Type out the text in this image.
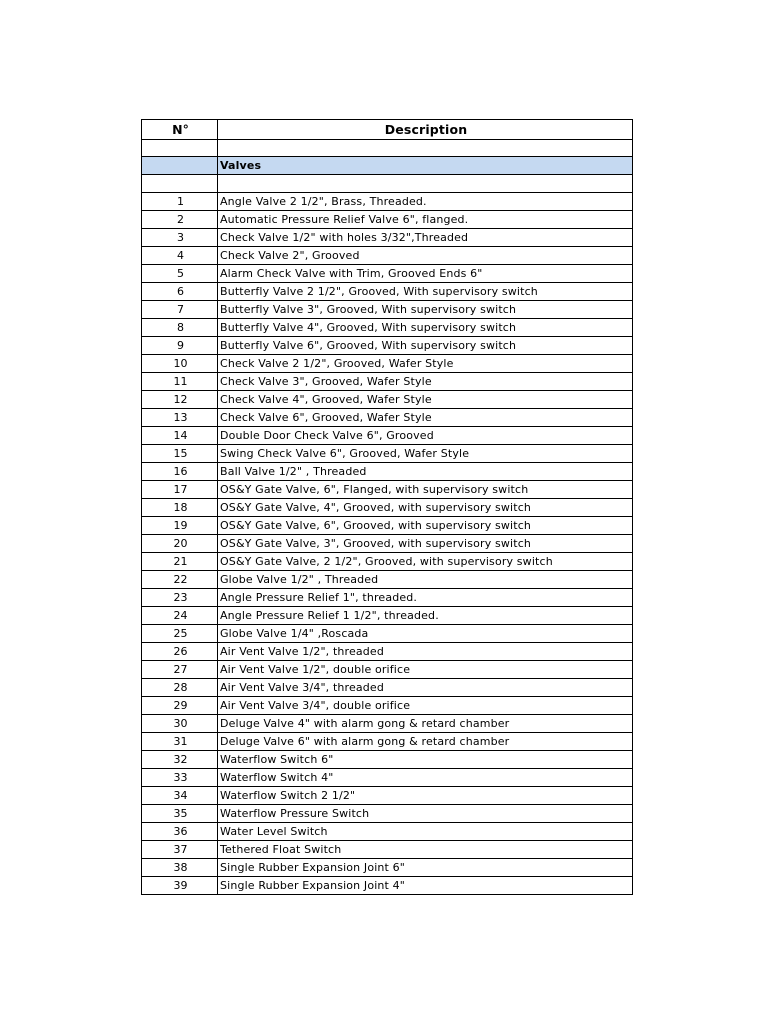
N°	Description

	Valves

1	Angle Valve 2 1/2", Brass, Threaded.
2	Automatic Pressure Relief Valve 6", flanged.
3	Check Valve 1/2" with holes 3/32",Threaded
4	Check Valve 2", Grooved
5	Alarm Check Valve with Trim, Grooved Ends 6"
6	Butterfly Valve 2 1/2", Grooved, With supervisory switch
7	Butterfly Valve 3", Grooved, With supervisory switch
8	Butterfly Valve 4", Grooved, With supervisory switch
9	Butterfly Valve 6", Grooved, With supervisory switch
10	Check Valve 2 1/2", Grooved, Wafer Style
11	Check Valve 3", Grooved, Wafer Style
12	Check Valve 4", Grooved, Wafer Style
13	Check Valve 6", Grooved, Wafer Style
14	Double Door Check Valve 6", Grooved
15	Swing Check Valve 6", Grooved, Wafer Style
16	Ball Valve 1/2" , Threaded
17	OS&Y Gate Valve, 6", Flanged, with supervisory switch
18	OS&Y Gate Valve, 4", Grooved, with supervisory switch
19	OS&Y Gate Valve, 6", Grooved, with supervisory switch
20	OS&Y Gate Valve, 3", Grooved, with supervisory switch
21	OS&Y Gate Valve, 2 1/2", Grooved, with supervisory switch
22	Globe Valve 1/2" , Threaded
23	Angle Pressure Relief 1", threaded.
24	Angle Pressure Relief 1 1/2", threaded.
25	Globe Valve 1/4" ,Roscada
26	Air Vent Valve 1/2", threaded
27	Air Vent Valve 1/2", double orifice
28	Air Vent Valve 3/4", threaded
29	Air Vent Valve 3/4", double orifice
30	Deluge Valve 4" with alarm gong & retard chamber
31	Deluge Valve 6" with alarm gong & retard chamber
32	Waterflow Switch 6"
33	Waterflow Switch 4"
34	Waterflow Switch 2 1/2"
35	Waterflow Pressure Switch
36	Water Level Switch
37	Tethered Float Switch
38	Single Rubber Expansion Joint 6"
39	Single Rubber Expansion Joint 4"
